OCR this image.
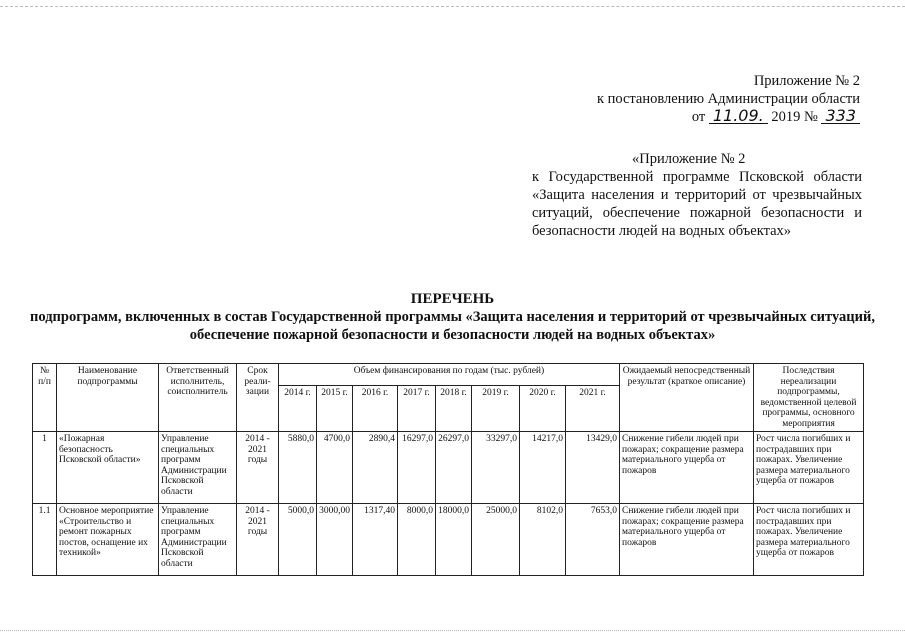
Приложение № 2
к постановлению Администрации области
от 11.09. 2019 № 333
«Приложение № 2
к Государственной программе Псковской области «Защита населения и территорий от чрезвычайных ситуаций, обеспечение пожарной безопасности и безопасности людей на водных объектах»
ПЕРЕЧЕНЬ
подпрограмм, включенных в состав Государственной программы «Защита населения и территорий от чрезвычайных ситуаций, обеспечение пожарной безопасности и безопасности людей на водных объектах»
№ п/п	Наименование подпрограммы	Ответственный исполнитель, соисполнитель	Срок реали- зации	Объем финансирования по годам (тыс. рублей)								Ожидаемый непосредственный результат (краткое описание)	Последствия нереализации подпрограммы, ведомственной целевой программы, основного мероприятия
				2014 г.	2015 г.	2016 г.	2017 г.	2018 г.	2019 г.	2020 г.	2021 г.		
1	«Пожарная безопасность Псковской области»	Управление специальных программ Администрации Псковской области	2014 - 2021 годы	5880,0	4700,0	2890,4	16297,0	26297,0	33297,0	14217,0	13429,0	Снижение гибели людей при пожарах; сокращение размера материального ущерба от пожаров	Рост числа погибших и пострадавших при пожарах. Увеличение размера материального ущерба от пожаров
1.1	Основное мероприятие «Строительство и ремонт пожарных постов, оснащение их техникой»	Управление специальных программ Администрации Псковской области	2014 - 2021 годы	5000,0	3000,00	1317,40	8000,0	18000,0	25000,0	8102,0	7653,0	Снижение гибели людей при пожарах; сокращение размера материального ущерба от пожаров	Рост числа погибших и пострадавших при пожарах. Увеличение размера материального ущерба от пожаров
